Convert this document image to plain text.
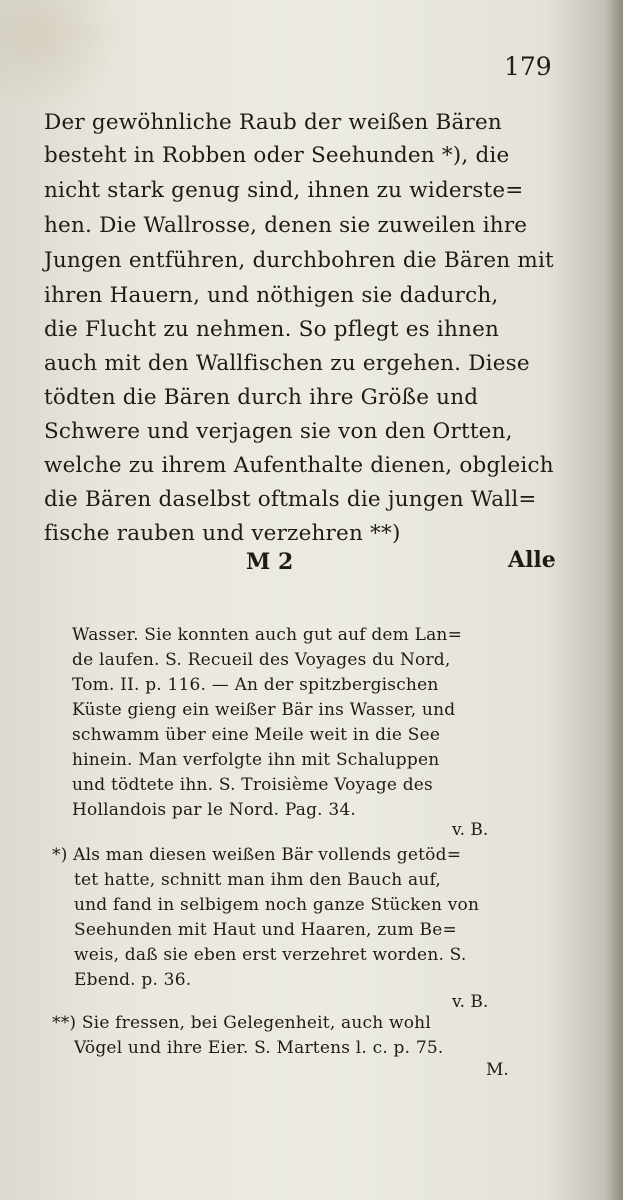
179
Der gewöhnliche Raub der weißen Bären
besteht in Robben oder Seehunden *), die
nicht stark genug sind, ihnen zu widerste=
hen. Die Wallrosse, denen sie zuweilen ihre
Jungen entführen, durchbohren die Bären mit
ihren Hauern, und nöthigen sie dadurch,
die Flucht zu nehmen. So pflegt es ihnen
auch mit den Wallfischen zu ergehen. Diese
tödten die Bären durch ihre Größe und
Schwere und verjagen sie von den Ortten,
welche zu ihrem Aufenthalte dienen, obgleich
die Bären daselbst oftmals die jungen Wall=
fische rauben und verzehren **)
M 2	Alle
Wasser. Sie konnten auch gut auf dem Lan=
de laufen. S. Recueil des Voyages du Nord,
Tom. II. p. 116. — An der spitzbergischen
Küste gieng ein weißer Bär ins Wasser, und
schwamm über eine Meile weit in die See
hinein. Man verfolgte ihn mit Schaluppen
und tödtete ihn. S. Troisième Voyage des
Hollandois par le Nord. Pag. 34.
v. B.
*) Als man diesen weißen Bär vollends getöd=
tet hatte, schnitt man ihm den Bauch auf,
und fand in selbigem noch ganze Stücken von
Seehunden mit Haut und Haaren, zum Be=
weis, daß sie eben erst verzehret worden. S.
Ebend. p. 36.
v. B.
**) Sie fressen, bei Gelegenheit, auch wohl
Vögel und ihre Eier. S. Martens l. c. p. 75.
M.
